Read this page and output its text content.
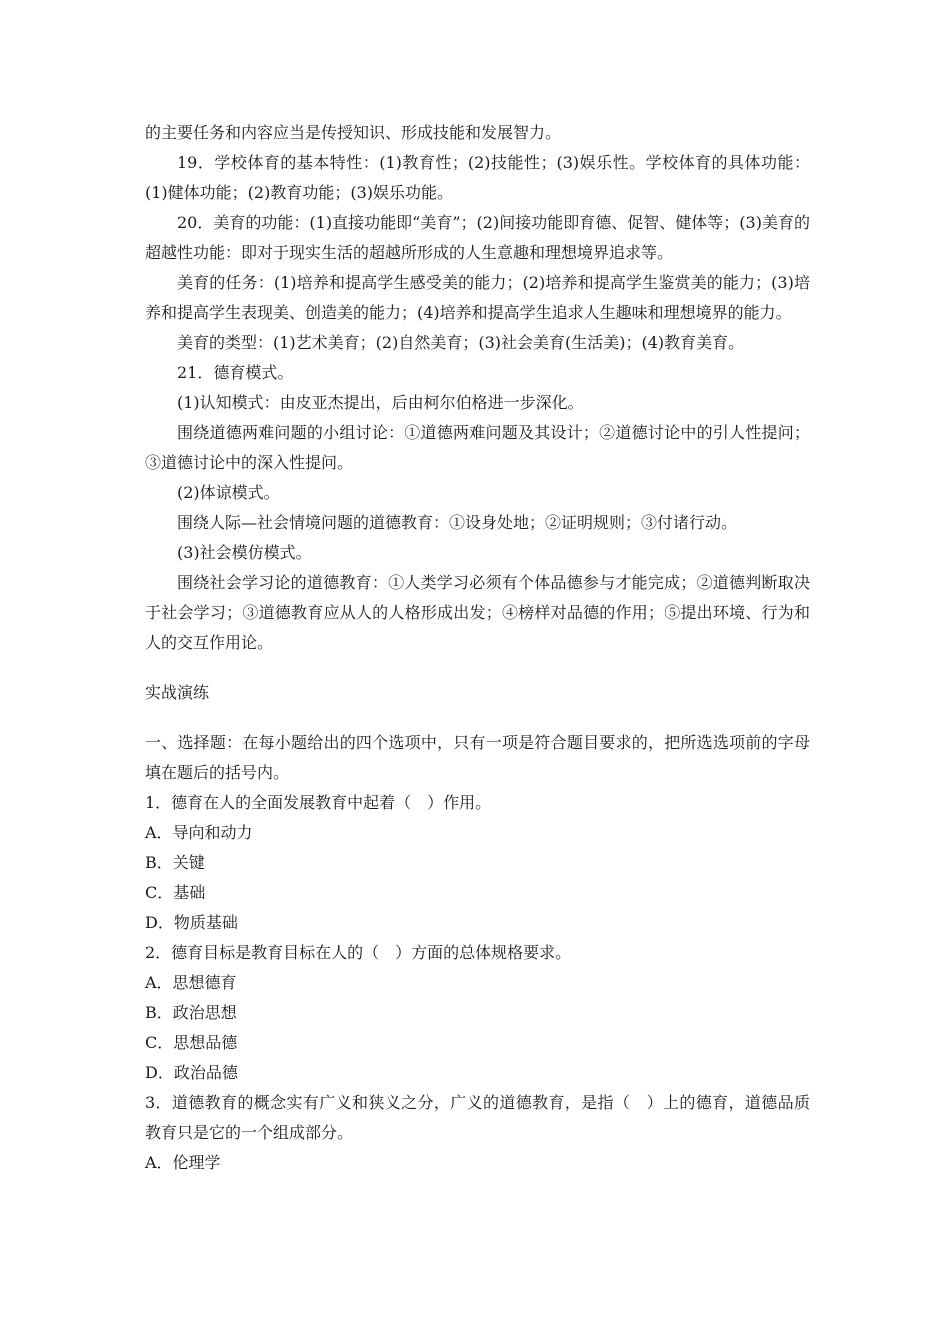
的主要任务和内容应当是传授知识、形成技能和发展智力。

19．学校体育的基本特性：(1)教育性；(2)技能性；(3)娱乐性。学校体育的具体功能：(1)健体功能；(2)教育功能；(3)娱乐功能。

20．美育的功能：(1)直接功能即“美育”；(2)间接功能即育德、促智、健体等；(3)美育的超越性功能：即对于现实生活的超越所形成的人生意趣和理想境界追求等。

美育的任务：(1)培养和提高学生感受美的能力；(2)培养和提高学生鉴赏美的能力；(3)培养和提高学生表现美、创造美的能力；(4)培养和提高学生追求人生趣味和理想境界的能力。

美育的类型：(1)艺术美育；(2)自然美育；(3)社会美育(生活美)；(4)教育美育。

21．德育模式。

(1)认知模式：由皮亚杰提出，后由柯尔伯格进一步深化。

围绕道德两难问题的小组讨论：①道德两难问题及其设计；②道德讨论中的引人性提问；③道德讨论中的深入性提问。

(2)体谅模式。

围绕人际—社会情境问题的道德教育：①设身处地；②证明规则；③付诸行动。

(3)社会模仿模式。

围绕社会学习论的道德教育：①人类学习必须有个体品德参与才能完成；②道德判断取决于社会学习；③道德教育应从人的人格形成出发；④榜样对品德的作用；⑤提出环境、行为和人的交互作用论。

实战演练

一、选择题：在每小题给出的四个选项中，只有一项是符合题目要求的，把所选选项前的字母填在题后的括号内。

1．德育在人的全面发展教育中起着（　）作用。

A．导向和动力

B．关键

C．基础

D．物质基础

2．德育目标是教育目标在人的（　）方面的总体规格要求。

A．思想德育

B．政治思想

C．思想品德

D．政治品德

3．道德教育的概念实有广义和狭义之分，广义的道德教育，是指（　）上的德育，道德品质教育只是它的一个组成部分。

A．伦理学
